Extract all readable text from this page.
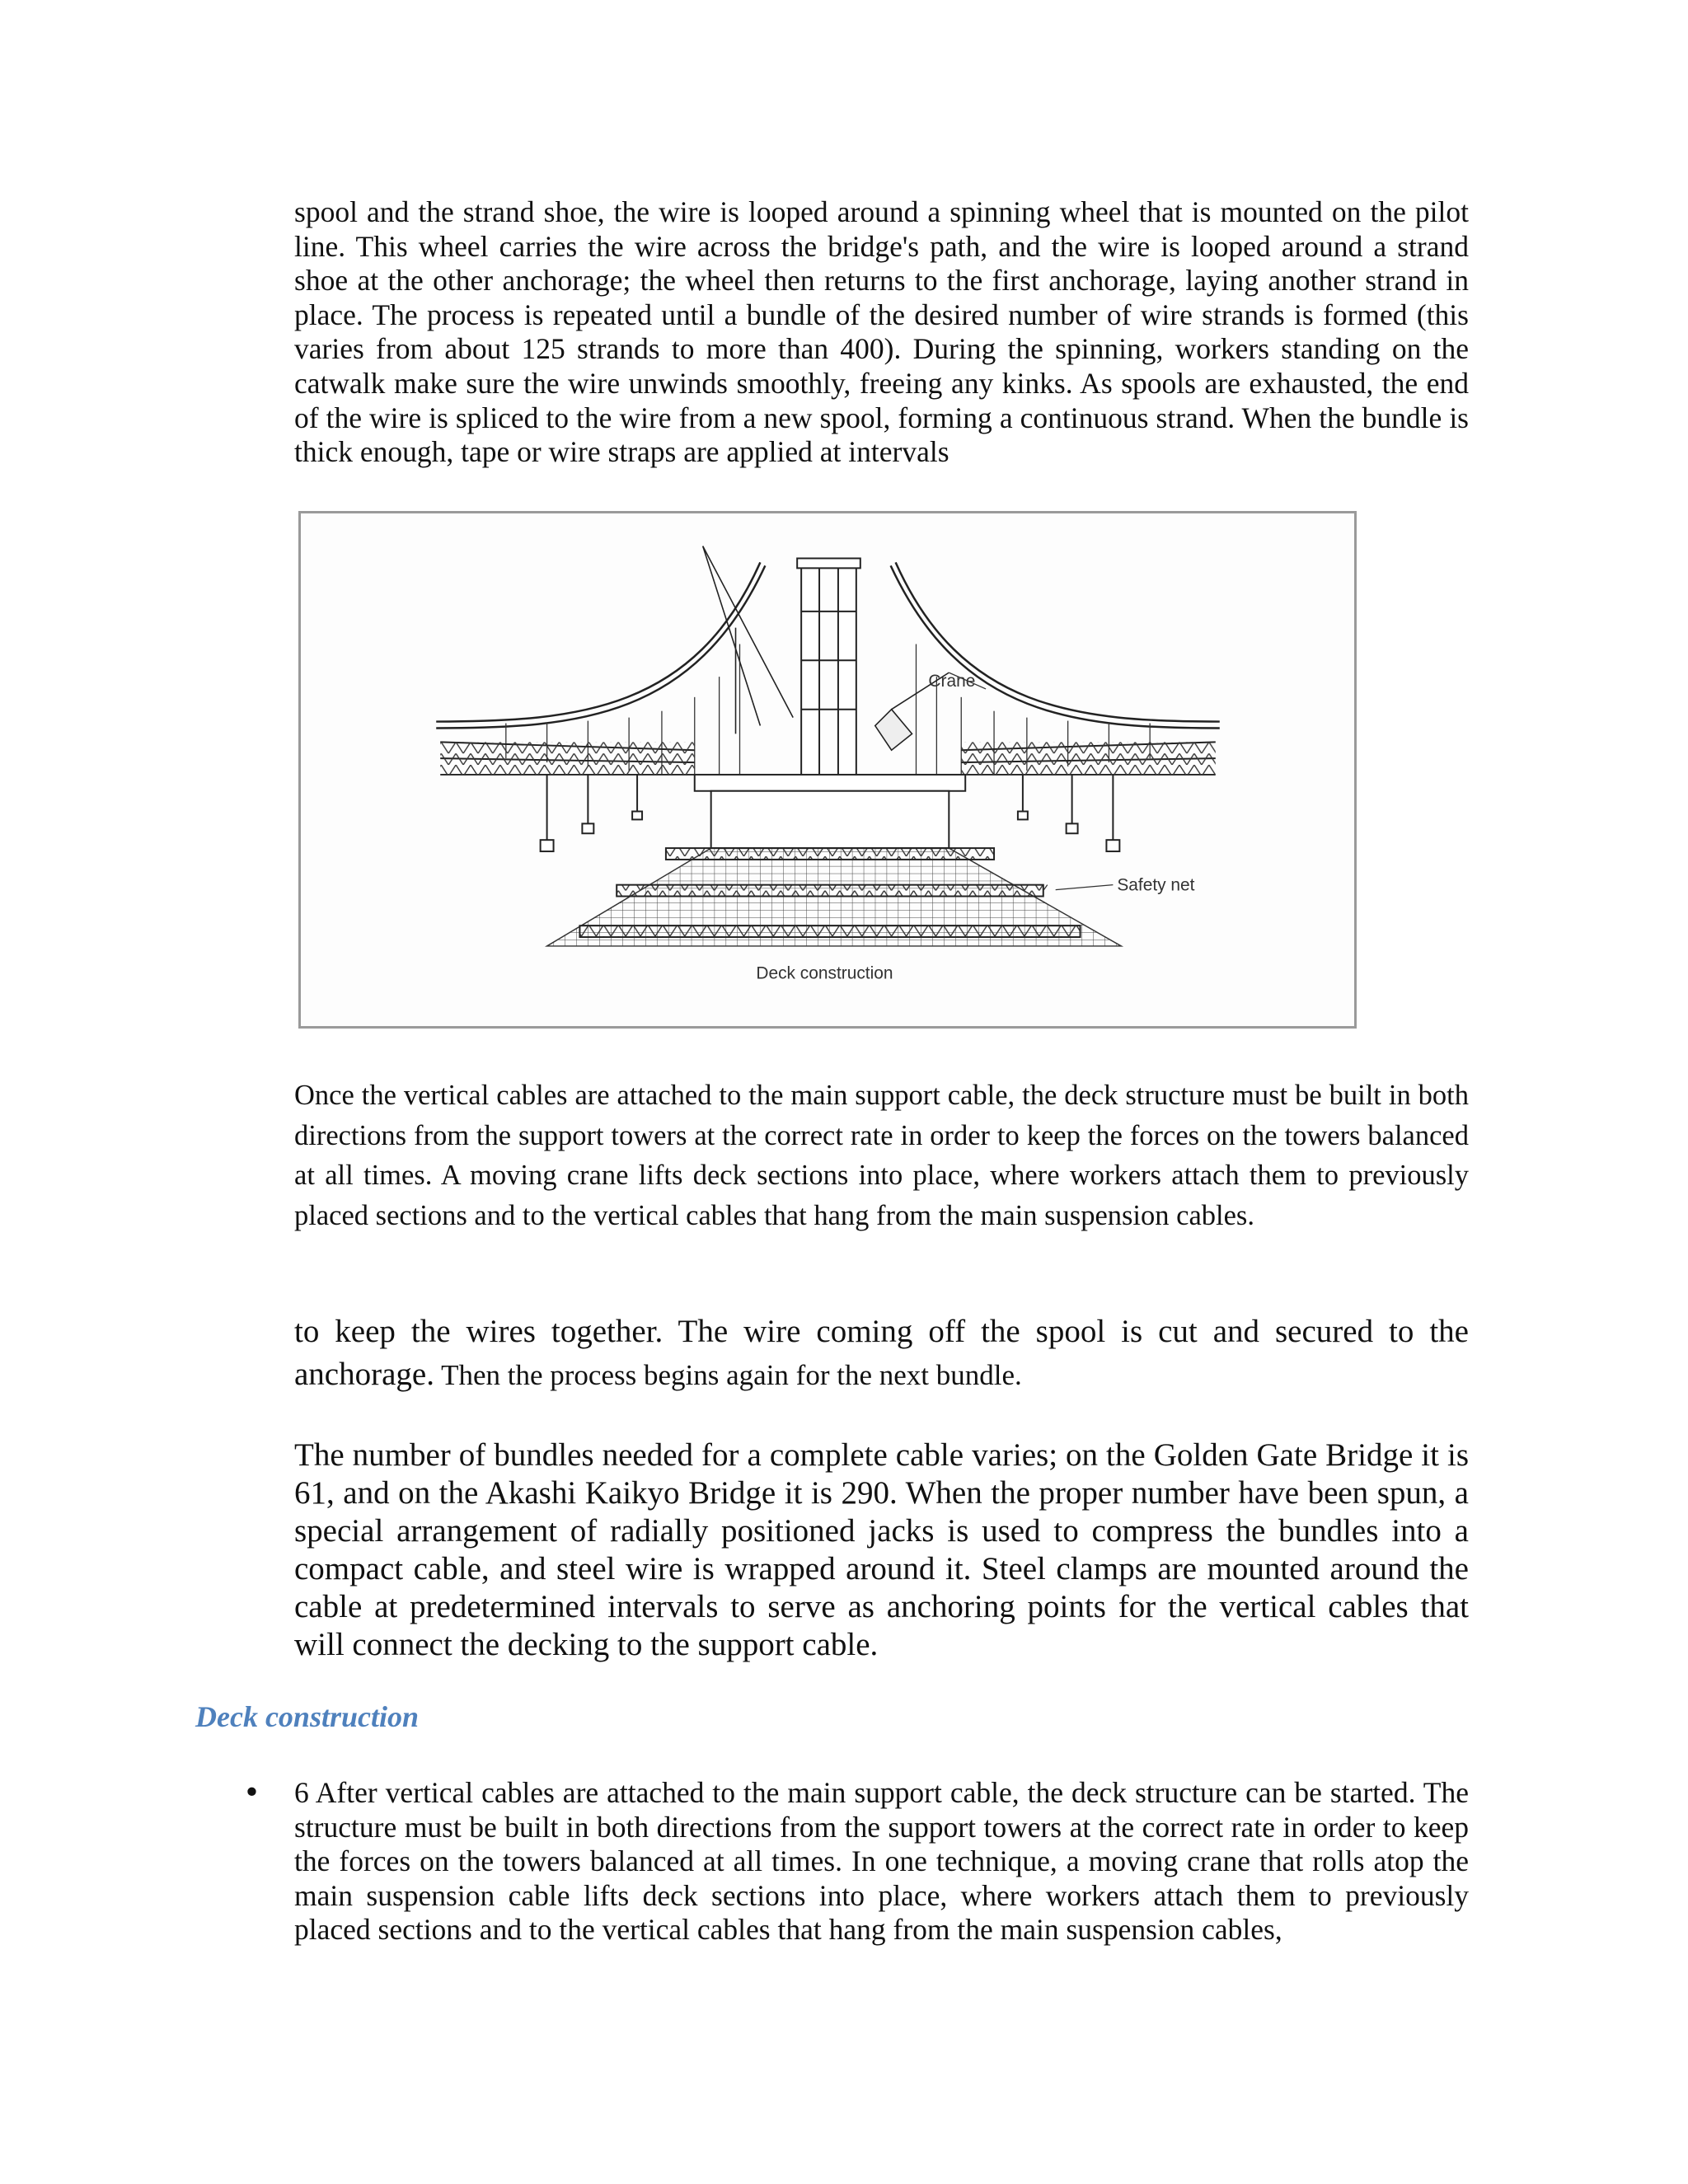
spool and the strand shoe, the wire is looped around a spinning wheel that is mounted on the pilot line. This wheel carries the wire across the bridge's path, and the wire is looped around a strand shoe at the other anchorage; the wheel then returns to the first anchorage, laying another strand in place. The process is repeated until a bundle of the desired number of wire strands is formed (this varies from about 125 strands to more than 400). During the spinning, workers standing on the catwalk make sure the wire unwinds smoothly, freeing any kinks. As spools are exhausted, the end of the wire is spliced to the wire from a new spool, forming a continuous strand. When the bundle is thick enough, tape or wire straps are applied at intervals

Crane
Safety net
Deck construction

Once the vertical cables are attached to the main support cable, the deck structure must be built in both directions from the support towers at the correct rate in order to keep the forces on the towers balanced at all times. A moving crane lifts deck sections into place, where workers attach them to previously placed sections and to the vertical cables that hang from the main suspension cables.

to keep the wires together. The wire coming off the spool is cut and secured to the anchorage. Then the process begins again for the next bundle.

The number of bundles needed for a complete cable varies; on the Golden Gate Bridge it is 61, and on the Akashi Kaikyo Bridge it is 290. When the proper number have been spun, a special arrangement of radially positioned jacks is used to compress the bundles into a compact cable, and steel wire is wrapped around it. Steel clamps are mounted around the cable at predetermined intervals to serve as anchoring points for the vertical cables that will connect the decking to the support cable.

Deck construction
• 6 After vertical cables are attached to the main support cable, the deck structure can be started. The structure must be built in both directions from the support towers at the correct rate in order to keep the forces on the towers balanced at all times. In one technique, a moving crane that rolls atop the main suspension cable lifts deck sections into place, where workers attach them to previously placed sections and to the vertical cables that hang from the main suspension cables,
